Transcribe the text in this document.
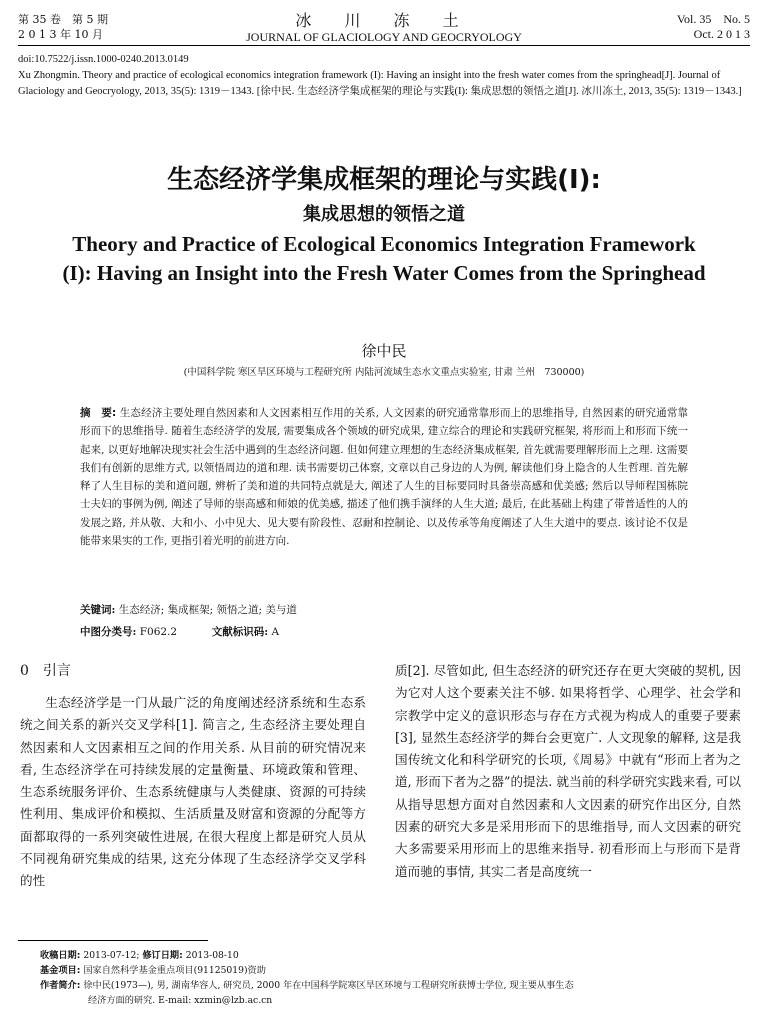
第 35 卷　第 5 期
2 0 1 3 年 10 月
冰 川 冻 土
JOURNAL OF GLACIOLOGY AND GEOCRYOLOGY
Vol. 35　No. 5
Oct. 2 0 1 3
doi:10.7522/j.issn.1000-0240.2013.0149
Xu Zhongmin. Theory and practice of ecological economics integration framework (I): Having an insight into the fresh water comes from the springhead[J]. Journal of Glaciology and Geocryology, 2013, 35(5): 1319－1343. [徐中民. 生态经济学集成框架的理论与实践(I): 集成思想的领悟之道[J]. 冰川冻土, 2013, 35(5): 1319－1343.]
生态经济学集成框架的理论与实践(I):
集成思想的领悟之道
Theory and Practice of Ecological Economics Integration Framework (I): Having an Insight into the Fresh Water Comes from the Springhead
徐中民
(中国科学院 寒区旱区环境与工程研究所 内陆河流域生态水文重点实验室, 甘肃 兰州　730000)
摘　要: 生态经济主要处理自然因素和人文因素相互作用的关系, 人文因素的研究通常靠形而上的思维指导, 自然因素的研究通常靠形而下的思维指导. 随着生态经济学的发展, 需要集成各个领域的研究成果, 建立综合的理论和实践研究框架, 将形而上和形而下统一起来, 以更好地解决现实社会生活中遇到的生态经济问题. 但如何建立理想的生态经济集成框架, 首先就需要理解形而上之理. 这需要我们有创新的思维方式, 以领悟周边的道和理. 读书需要切己体察, 文章以自己身边的人为例, 解读他们身上隐含的人生哲理. 首先解释了人生目标的美和道问题, 辨析了美和道的共同特点就是大, 阐述了人生的目标要同时具备崇高感和优美感; 然后以导师程国栋院士夫妇的事例为例, 阐述了导师的崇高感和师娘的优美感, 描述了他们携手演绎的人生大道; 最后, 在此基础上构建了带普适性的人的发展之路, 并从敬、大和小、小中见大、见大要有阶段性、忍耐和控制论、以及传承等角度阐述了人生大道中的要点. 该讨论不仅是能带来果实的工作, 更指引着光明的前进方向.
关键词: 生态经济; 集成框架; 领悟之道; 美与道
中图分类号: F062.2	文献标识码: A
0　引言

生态经济学是一门从最广泛的角度阐述经济系统和生态系统之间关系的新兴交叉学科[1]. 简言之, 生态经济主要处理自然因素和人文因素相互之间的作用关系. 从目前的研究情况来看, 生态经济学在可持续发展的定量衡量、环境政策和管理、生态系统服务评价、生态系统健康与人类健康、资源的可持续性利用、集成评价和模拟、生活质量及财富和资源的分配等方面都取得的一系列突破性进展, 在很大程度上都是研究人员从不同视角研究集成的结果, 这充分体现了生态经济学交叉学科的性

质[2]. 尽管如此, 但生态经济的研究还存在更大突破的契机, 因为它对人这个要素关注不够. 如果将哲学、心理学、社会学和宗教学中定义的意识形态与存在方式视为构成人的重要子要素[3], 显然生态经济学的舞台会更宽广. 人文现象的解释, 这是我国传统文化和科学研究的长项,《周易》中就有“形而上者为之道, 形而下者为之器”的提法. 就当前的科学研究实践来看, 可以从指导思想方面对自然因素和人文因素的研究作出区分, 自然因素的研究大多是采用形而下的思维指导, 而人文因素的研究大多需要采用形而上的思维来指导. 初看形而上与形而下是背道而驰的事情, 其实二者是高度统一

收稿日期: 2013-07-12; 修订日期: 2013-08-10
基金项目: 国家自然科学基金重点项目(91125019)资助
作者简介: 徐中民(1973—), 男, 湖南华容人, 研究员, 2000 年在中国科学院寒区旱区环境与工程研究所获博士学位, 现主要从事生态
经济方面的研究. E-mail: xzmin@lzb.ac.cn
